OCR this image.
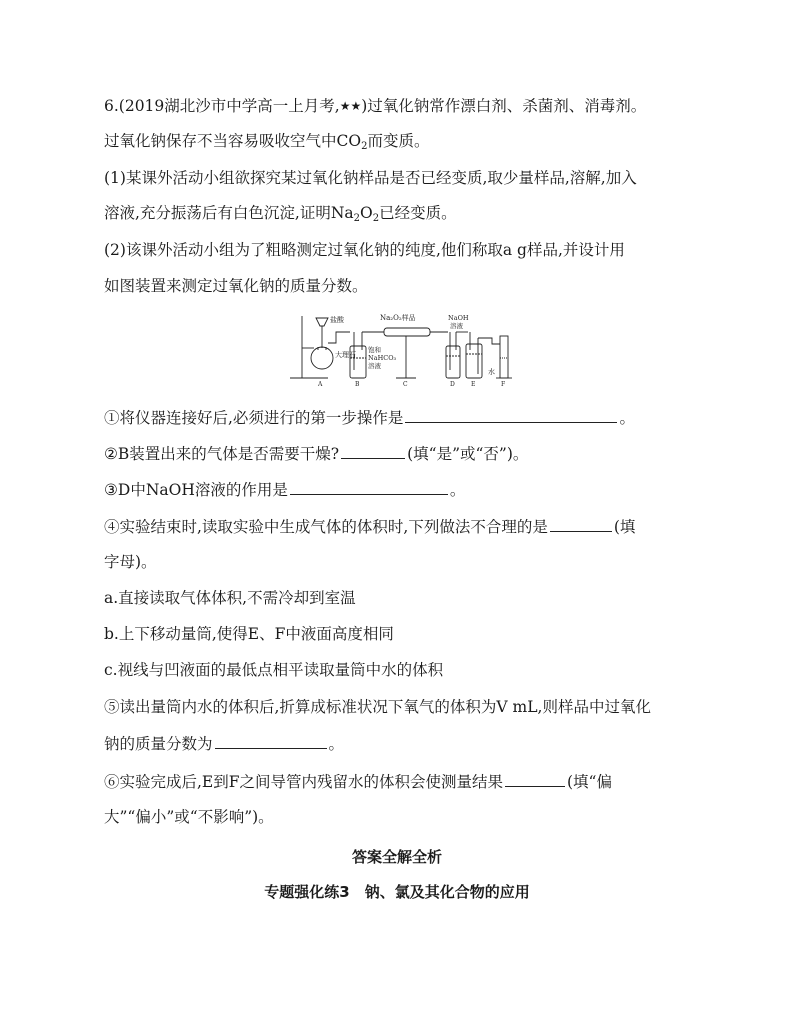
6.(2019湖北沙市中学高一上月考,★★)过氧化钠常作漂白剂、杀菌剂、消毒剂。
过氧化钠保存不当容易吸收空气中$CO_2$而变质。
(1)某课外活动小组欲探究某过氧化钠样品是否已经变质,取少量样品,溶解,加入
溶液,充分振荡后有白色沉淀,证明$Na_2O_2$已经变质。
(2)该课外活动小组为了粗略测定过氧化钠的纯度,他们称取a g样品,并设计用
如图装置来测定过氧化钠的质量分数。
盐酸
大理石
饱和
NaHCO₃
溶液
Na₂O₂样品	NaOH
溶液
水
A	B	C	D	E	F
①将仪器连接好后,必须进行的第一步操作是	。
②B装置出来的气体是否需要干燥?	(填“是”或“否”)。
③D中NaOH溶液的作用是	。
④实验结束时,读取实验中生成气体的体积时,下列做法不合理的是	(填
字母)。
a.直接读取气体体积,不需冷却到室温
b.上下移动量筒,使得E、F中液面高度相同
c.视线与凹液面的最低点相平读取量筒中水的体积
⑤读出量筒内水的体积后,折算成标准状况下氧气的体积为V mL,则样品中过氧化
钠的质量分数为	。
⑥实验完成后,E到F之间导管内残留水的体积会使测量结果	(填“偏
大”“偏小”或“不影响”)。
答案全解全析
专题强化练3　钠、氯及其化合物的应用
